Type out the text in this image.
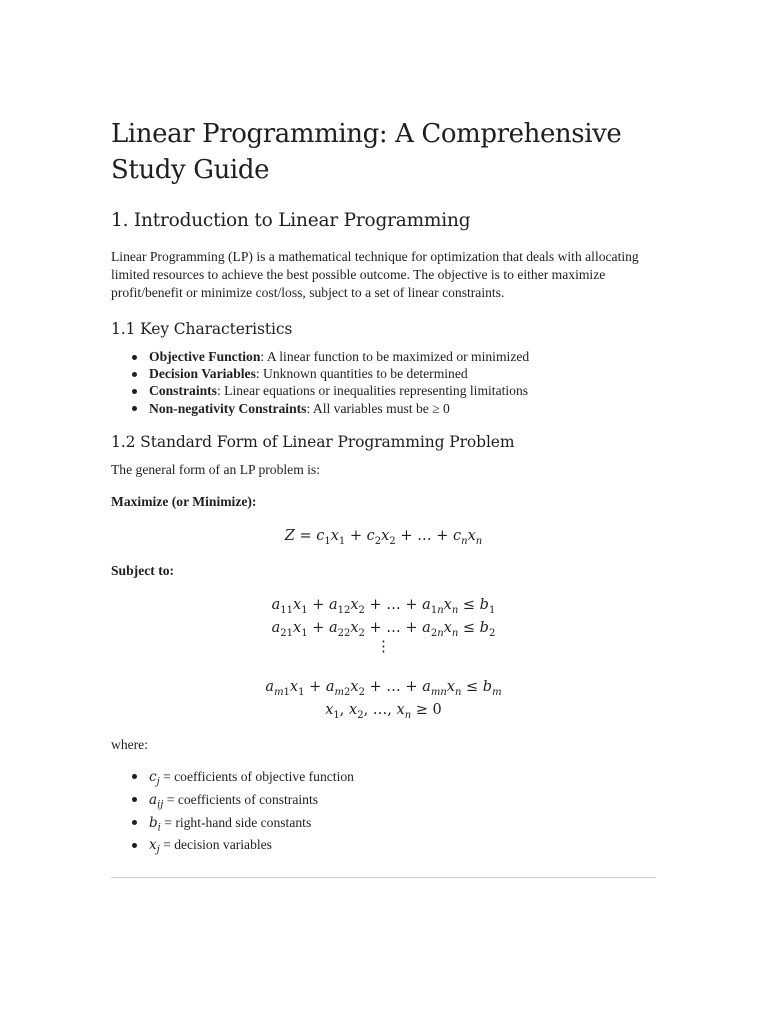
Linear Programming: A Comprehensive Study Guide
1. Introduction to Linear Programming

Linear Programming (LP) is a mathematical technique for optimization that deals with allocating limited resources to achieve the best possible outcome. The objective is to either maximize profit/benefit or minimize cost/loss, subject to a set of linear constraints.

1.1 Key Characteristics
Objective Function: A linear function to be maximized or minimized
Decision Variables: Unknown quantities to be determined
Constraints: Linear equations or inequalities representing limitations
Non-negativity Constraints: All variables must be ≥ 0
1.2 Standard Form of Linear Programming Problem

The general form of an LP problem is:

Maximize (or Minimize):

$Z = c_1x_1 + c_2x_2$ + … + $c_nx_n$

Subject to:

$a_{11}x_1 + a_{12}x_2$ + … + $a_{1n}x_n \le b_1$
$a_{21}x_1 + a_{22}x_2$ + … + $a_{2n}x_n \le b_2$
⋮
$a_{m1}x_1 + a_{m2}x_2$ + … + $a_{mn}x_n \le b_m$
$x_1$, $x_2$, …, $x_n \ge 0$

where:

$c_j$ = coefficients of objective function
$a_{ij}$ = coefficients of constraints
$b_i$ = right-hand side constants
$x_j$ = decision variables
